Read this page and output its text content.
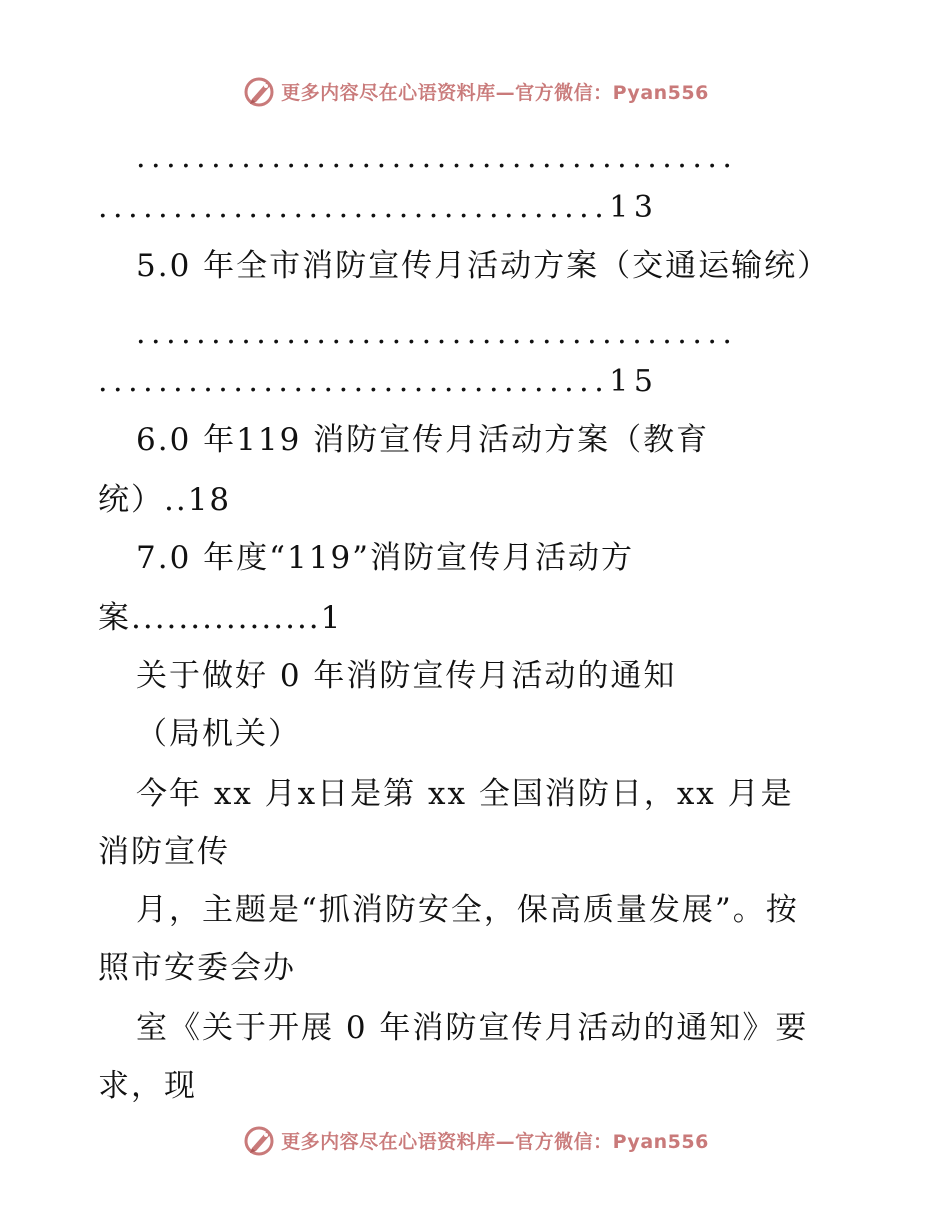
更多内容尽在心语资料库—官方微信：Pyan556
........................................
..................................13
5.0 年全市消防宣传月活动方案（交通运输统）
........................................
..................................15
6.0 年119 消防宣传月活动方案（教育
统）..18
7.0 年度“119”消防宣传月活动方
案................1
关于做好 0 年消防宣传月活动的通知
（局机关）
今年 xx 月x日是第 xx 全国消防日，xx 月是
消防宣传
月，主题是“抓消防安全，保高质量发展”。按
照市安委会办
室《关于开展 0 年消防宣传月活动的通知》要
求，现
更多内容尽在心语资料库—官方微信：Pyan556
